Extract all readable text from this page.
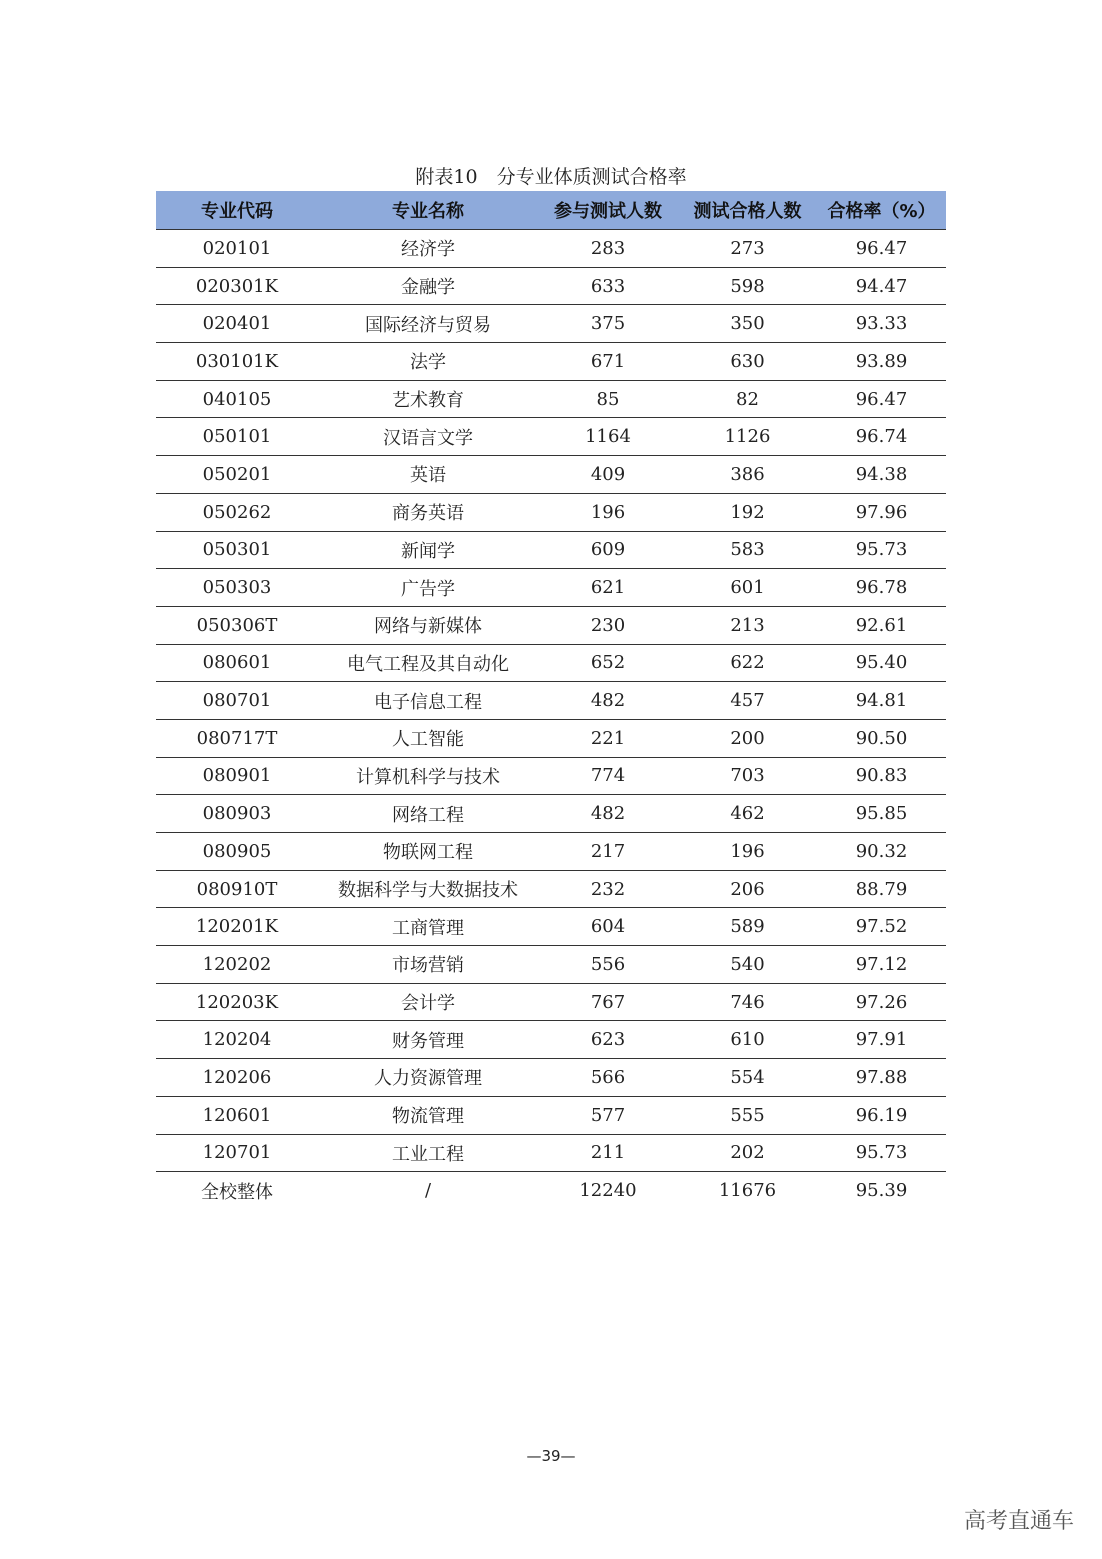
附表10　分专业体质测试合格率
专业代码	专业名称	参与测试人数	测试合格人数	合格率（%）
020101	经济学	283	273	96.47
020301K	金融学	633	598	94.47
020401	国际经济与贸易	375	350	93.33
030101K	法学	671	630	93.89
040105	艺术教育	85	82	96.47
050101	汉语言文学	1164	1126	96.74
050201	英语	409	386	94.38
050262	商务英语	196	192	97.96
050301	新闻学	609	583	95.73
050303	广告学	621	601	96.78
050306T	网络与新媒体	230	213	92.61
080601	电气工程及其自动化	652	622	95.40
080701	电子信息工程	482	457	94.81
080717T	人工智能	221	200	90.50
080901	计算机科学与技术	774	703	90.83
080903	网络工程	482	462	95.85
080905	物联网工程	217	196	90.32
080910T	数据科学与大数据技术	232	206	88.79
120201K	工商管理	604	589	97.52
120202	市场营销	556	540	97.12
120203K	会计学	767	746	97.26
120204	财务管理	623	610	97.91
120206	人力资源管理	566	554	97.88
120601	物流管理	577	555	96.19
120701	工业工程	211	202	95.73
全校整体	/	12240	11676	95.39
—39—
高考直通车
